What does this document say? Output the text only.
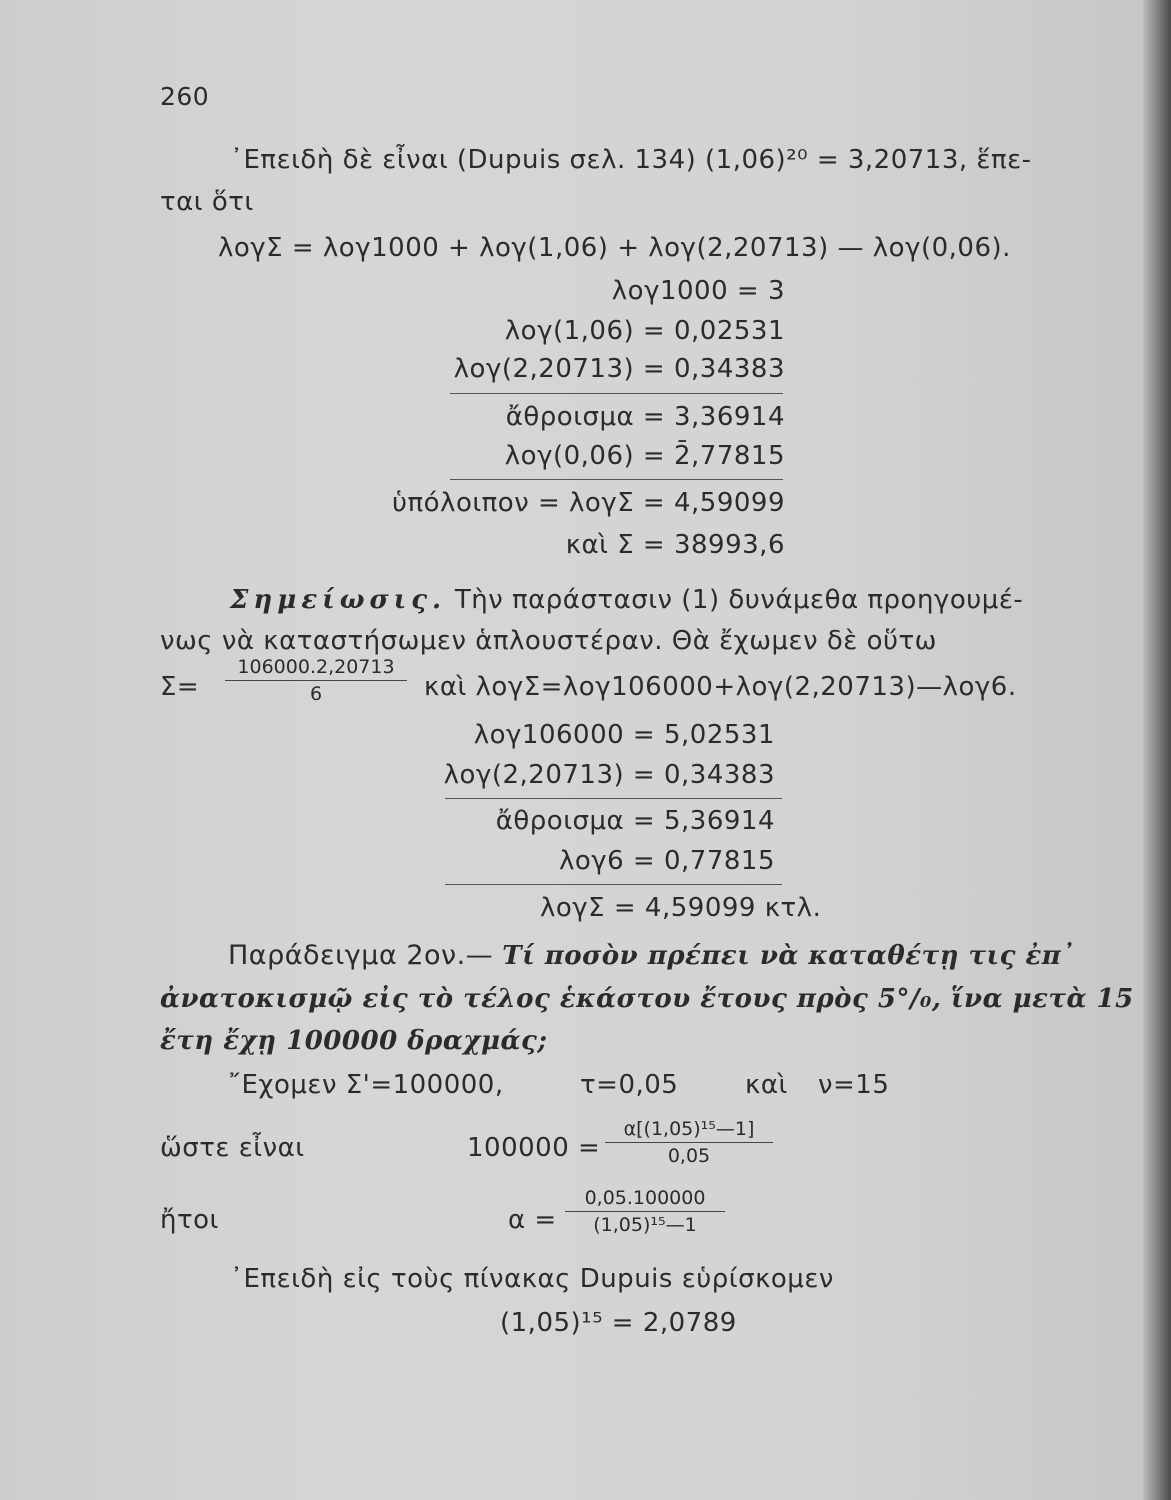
260
᾿Επειδὴ δὲ εἶναι (Dupuis σελ. 134) (1,06)²⁰ = 3,20713, ἕπε-
ται ὅτι
λογΣ = λογ1000 + λογ(1,06) + λογ(2,20713) — λογ(0,06).
λογ1000 = 3
λογ(1,06) = 0,02531
λογ(2,20713) = 0,34383
ἄθροισμα = 3,36914
λογ(0,06) = 2̄,77815
ὑπόλοιπον = λογΣ = 4,59099
καὶ Σ = 38993,6
Σημείωσις. Τὴν παράστασιν (1) δυνάμεθα προηγουμέ-
νως νὰ καταστήσωμεν ἁπλουστέραν. Θὰ ἔχωμεν δὲ οὕτω
Σ=
106000.2,20713
6	καὶ λογΣ=λογ106000+λογ(2,20713)—λογ6.
λογ106000 = 5,02531
λογ(2,20713) = 0,34383
ἄθροισμα = 5,36914
λογ6 = 0,77815
λογΣ = 4,59099 κτλ.
Παράδειγμα 2ον.— Τί ποσὸν πρέπει νὰ καταθέτῃ τις ἐπ᾿
ἀνατοκισμῷ εἰς τὸ τέλος ἑκάστου ἔτους πρὸς 5°/₀, ἵνα μετὰ 15
ἔτη ἔχῃ 100000 δραχμάς;
῎Εχομεν Σ'=100000,	τ=0,05	καὶ ν=15
ὥστε εἶναι	100000 =
α[(1,05)¹⁵—1]
0,05
ἤτοι	α =
0,05.100000
(1,05)¹⁵—1
᾿Επειδὴ εἰς τοὺς πίνακας Dupuis εὑρίσκομεν
(1,05)¹⁵ = 2,0789
